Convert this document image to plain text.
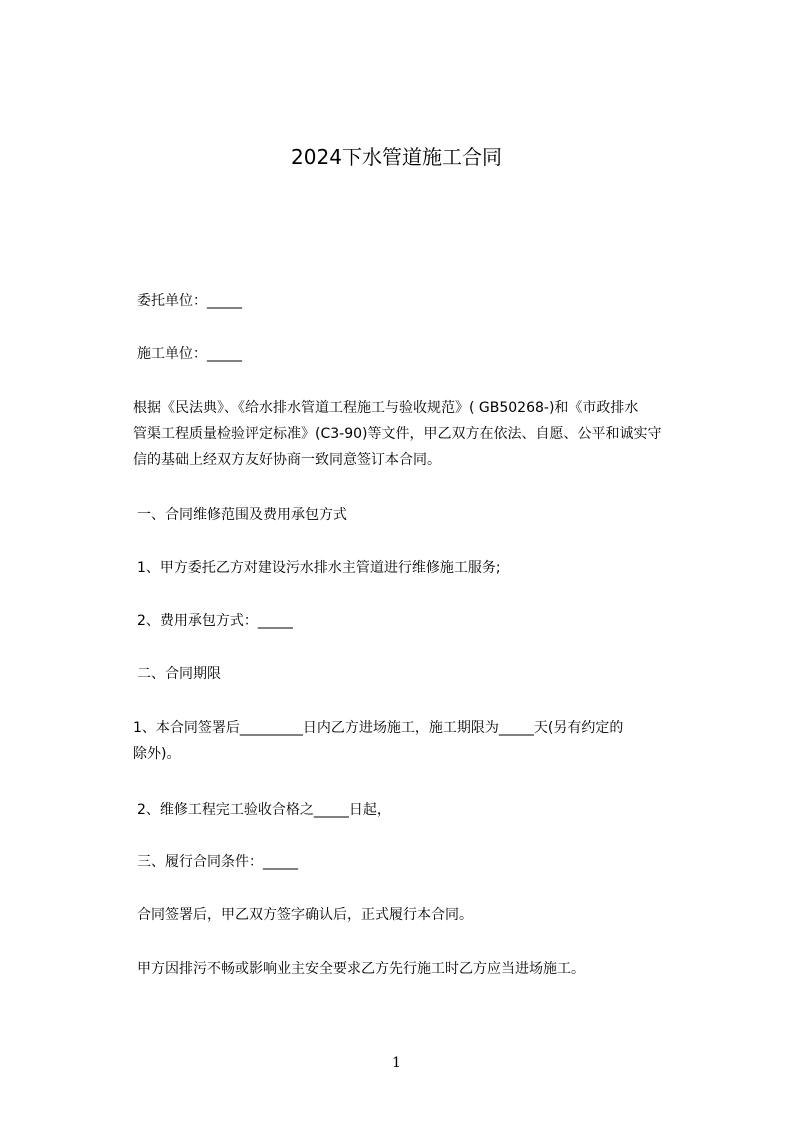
2024下水管道施工合同
委托单位：_____
施工单位：_____
根据《民法典》、《给水排水管道工程施工与验收规范》( GB50268-)和《市政排水
管渠工程质量检验评定标准》(C3-90)等文件，甲乙双方在依法、自愿、公平和诚实守
信的基础上经双方友好协商一致同意签订本合同。
一、合同维修范围及费用承包方式
1、甲方委托乙方对建设污水排水主管道进行维修施工服务;
2、费用承包方式：_____
二、合同期限
1、本合同签署后_________日内乙方进场施工，施工期限为_____天(另有约定的
除外)。
2、维修工程完工验收合格之_____日起，
三、履行合同条件：_____
合同签署后，甲乙双方签字确认后，正式履行本合同。
甲方因排污不畅或影响业主安全要求乙方先行施工时乙方应当进场施工。
1
